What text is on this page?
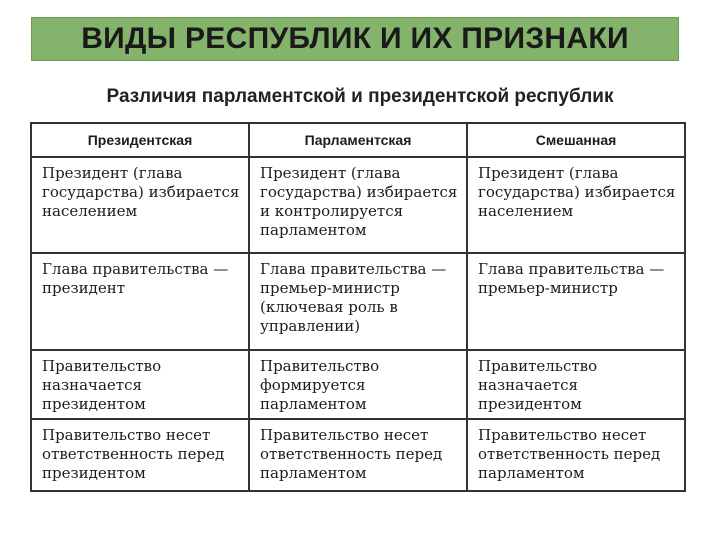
ВИДЫ РЕСПУБЛИК И ИХ ПРИЗНАКИ
Различия парламентской и президентской республик
Президентская	Парламентская	Смешанная
Президент (глава государства) избирается населением	Президент (глава государства) избирается и контролируется парламентом	Президент (глава государства) избирается населением
Глава правительства — президент	Глава правительства — премьер-министр (ключевая роль в управлении)	Глава правительства — премьер-министр
Правительство назначается президентом	Правительство формируется парламентом	Правительство назначается президентом
Правительство несет ответственность перед президентом	Правительство несет ответственность перед парламентом	Правительство несет ответственность перед парламентом
